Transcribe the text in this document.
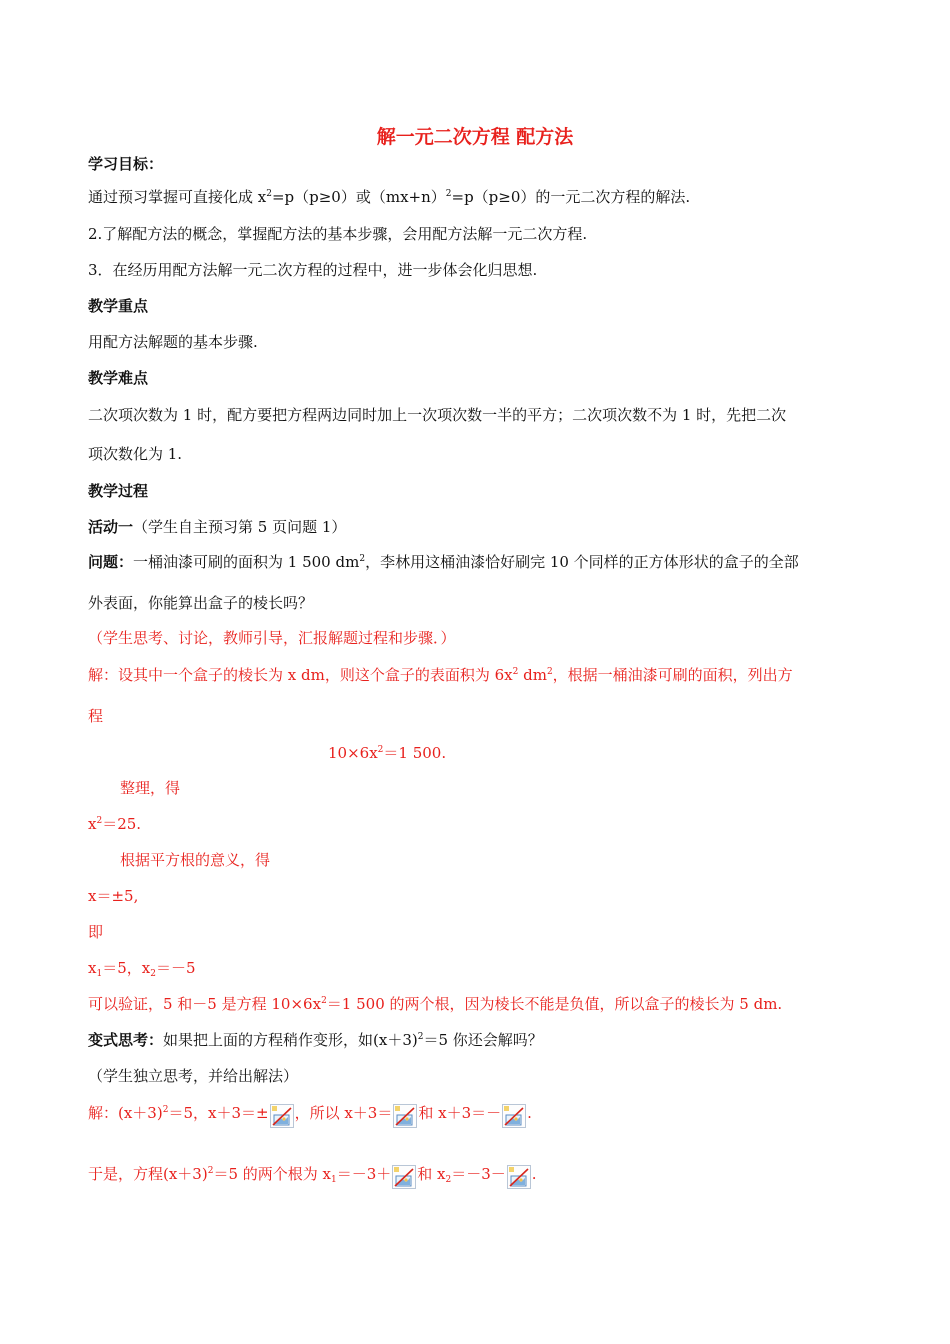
解一元二次方程 配方法
学习目标：
通过预习掌握可直接化成 $x^2=p(p\ge 0)$或$(mx+n)^2=p(p\ge 0)$的一元二次方程的解法.
2.了解配方法的概念，掌握配方法的基本步骤，会用配方法解一元二次方程.
3．在经历用配方法解一元二次方程的过程中，进一步体会化归思想.
教学重点
用配方法解题的基本步骤.
教学难点
二次项次数为 1 时，配方要把方程两边同时加上一次项次数一半的平方；二次项次数不为 1 时，先把二次
项次数化为 1.
教学过程
活动一（学生自主预习第 5 页问题 1）
问题：一桶油漆可刷的面积为 1 500 $dm^2$，李林用这桶油漆恰好刷完 10 个同样的正方体形状的盒子的全部
外表面，你能算出盒子的棱长吗？
（学生思考、讨论，教师引导，汇报解题过程和步骤．）
解：设其中一个盒子的棱长为 x dm，则这个盒子的表面积为 $6x^2$ $dm^2$，根据一桶油漆可刷的面积，列出方
程
$10\times 6x^2=1$ 500.
整理，得
$x^2=25$.
根据平方根的意义，得
x＝±5,
即
$x_1=5$，$x_2=-5$
可以验证，5 和－5 是方程 $10\times 6x^2=1$ 500 的两个根，因为棱长不能是负值，所以盒子的棱长为 5 dm.
变式思考：如果把上面的方程稍作变形，如$(x+3)^2=5$ 你还会解吗？
（学生独立思考，并给出解法）
解：$(x+3)^2=5$，x＋3＝± ，所以 x＋3＝ 和 x＋3＝－ .
于是，方程$(x+3)^2=5$ 的两个根为 $x_1=-3+$ 和 $x_2=-3-$ .
